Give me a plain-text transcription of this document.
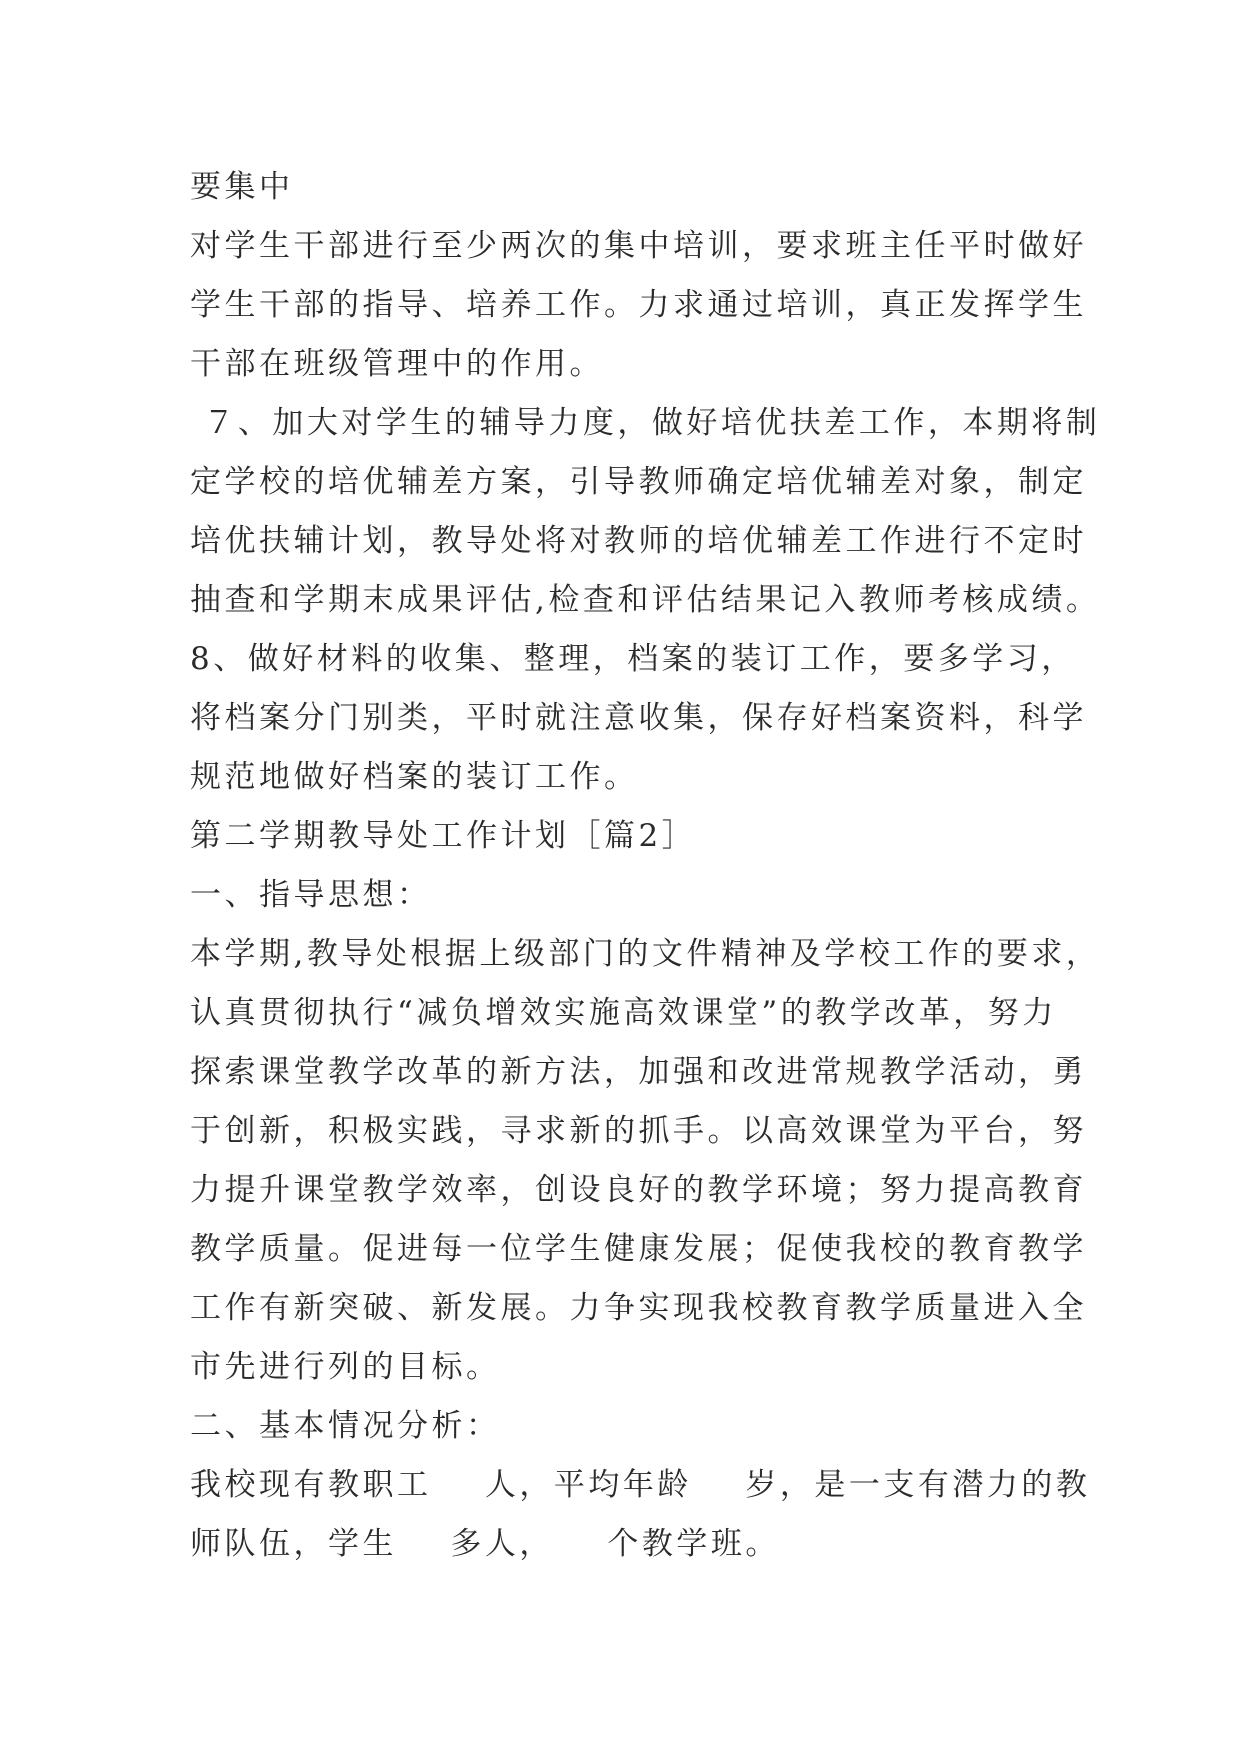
要集中
对学生干部进行至少两次的集中培训，要求班主任平时做好
学生干部的指导、培养工作。力求通过培训，真正发挥学生
干部在班级管理中的作用。
７、加大对学生的辅导力度，做好培优扶差工作，本期将制
定学校的培优辅差方案，引导教师确定培优辅差对象，制定
培优扶辅计划，教导处将对教师的培优辅差工作进行不定时
抽查和学期末成果评估,检查和评估结果记入教师考核成绩。
8、做好材料的收集、整理，档案的装订工作，要多学习，
将档案分门别类，平时就注意收集，保存好档案资料，科学
规范地做好档案的装订工作。
第二学期教导处工作计划［篇2］
一、指导思想：
本学期,教导处根据上级部门的文件精神及学校工作的要求，
认真贯彻执行“减负增效实施高效课堂”的教学改革，努力
探索课堂教学改革的新方法，加强和改进常规教学活动，勇
于创新，积极实践，寻求新的抓手。以高效课堂为平台，努
力提升课堂教学效率，创设良好的教学环境；努力提高教育
教学质量。促进每一位学生健康发展；促使我校的教育教学
工作有新突破、新发展。力争实现我校教育教学质量进入全
市先进行列的目标。
二、基本情况分析：
我校现有教职工    人，平均年龄    岁，是一支有潜力的教
师队伍，学生    多人，    个教学班。
